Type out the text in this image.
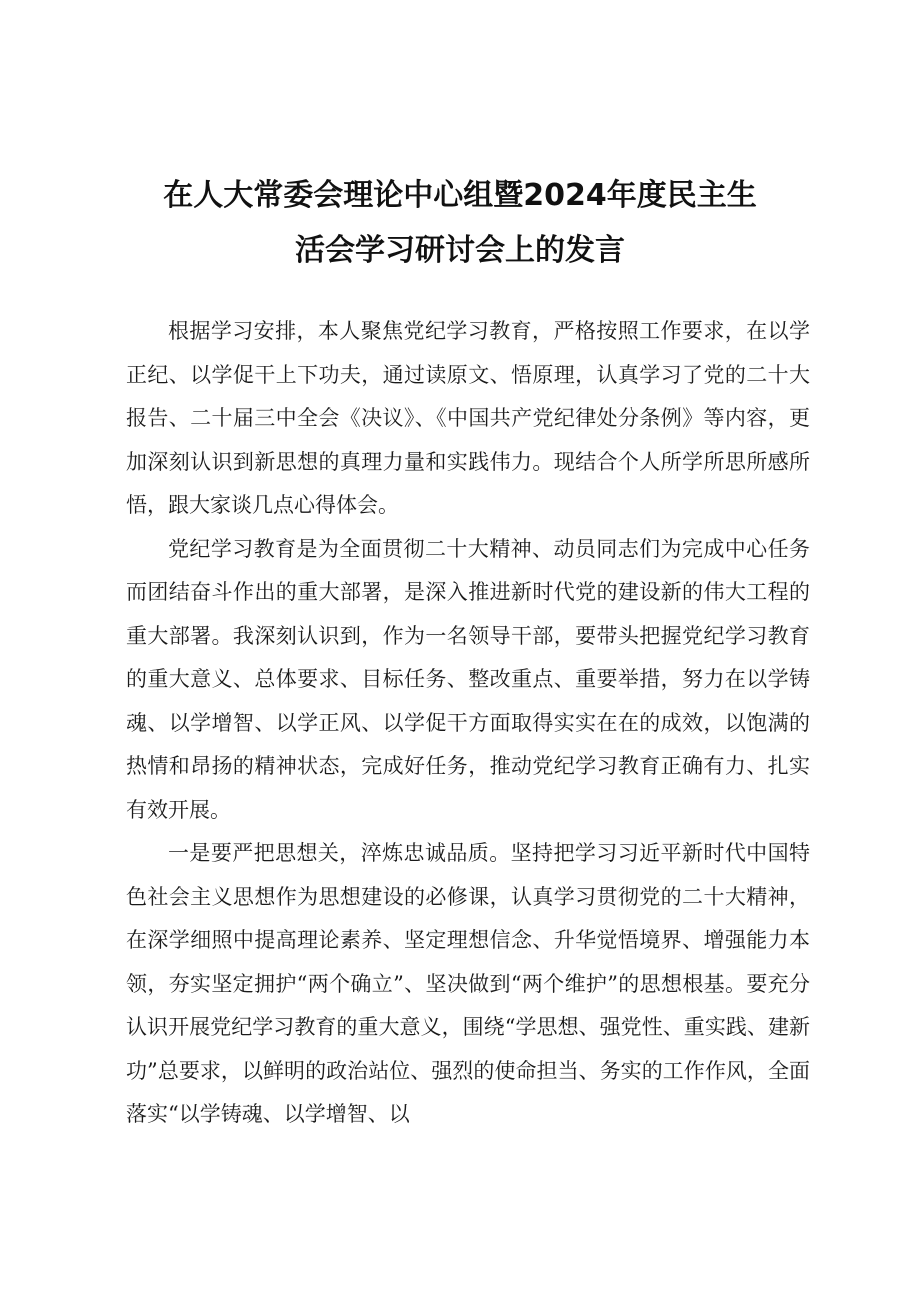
在人大常委会理论中心组暨2024年度民主生
活会学习研讨会上的发言

根据学习安排，本人聚焦党纪学习教育，严格按照工作要求，在以学正纪、以学促干上下功夫，通过读原文、悟原理，认真学习了党的二十大报告、二十届三中全会《决议》、《中国共产党纪律处分条例》等内容，更加深刻认识到新思想的真理力量和实践伟力。现结合个人所学所思所感所悟，跟大家谈几点心得体会。

党纪学习教育是为全面贯彻二十大精神、动员同志们为完成中心任务而团结奋斗作出的重大部署，是深入推进新时代党的建设新的伟大工程的重大部署。我深刻认识到，作为一名领导干部，要带头把握党纪学习教育的重大意义、总体要求、目标任务、整改重点、重要举措，努力在以学铸魂、以学增智、以学正风、以学促干方面取得实实在在的成效，以饱满的热情和昂扬的精神状态，完成好任务，推动党纪学习教育正确有力、扎实有效开展。

一是要严把思想关，淬炼忠诚品质。坚持把学习习近平新时代中国特色社会主义思想作为思想建设的必修课，认真学习贯彻党的二十大精神，在深学细照中提高理论素养、坚定理想信念、升华觉悟境界、增强能力本领，夯实坚定拥护“两个确立”、坚决做到“两个维护”的思想根基。要充分认识开展党纪学习教育的重大意义，围绕“学思想、强党性、重实践、建新功”总要求，以鲜明的政治站位、强烈的使命担当、务实的工作作风，全面落实“以学铸魂、以学增智、以
